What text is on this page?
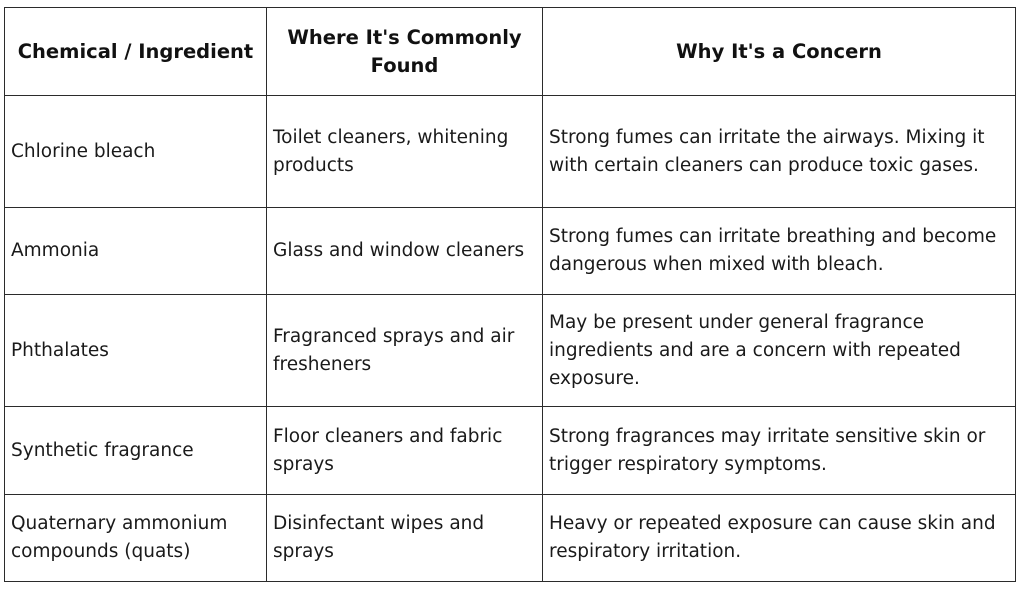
Chemical / Ingredient	Where It's Commonly Found	Why It's a Concern
Chlorine bleach	Toilet cleaners, whitening products	Strong fumes can irritate the airways. Mixing it with certain cleaners can produce toxic gases.
Ammonia	Glass and window cleaners	Strong fumes can irritate breathing and become dangerous when mixed with bleach.
Phthalates	Fragranced sprays and air fresheners	May be present under general fragrance ingredients and are a concern with repeated exposure.
Synthetic fragrance	Floor cleaners and fabric sprays	Strong fragrances may irritate sensitive skin or trigger respiratory symptoms.
Quaternary ammonium compounds (quats)	Disinfectant wipes and sprays	Heavy or repeated exposure can cause skin and respiratory irritation.
